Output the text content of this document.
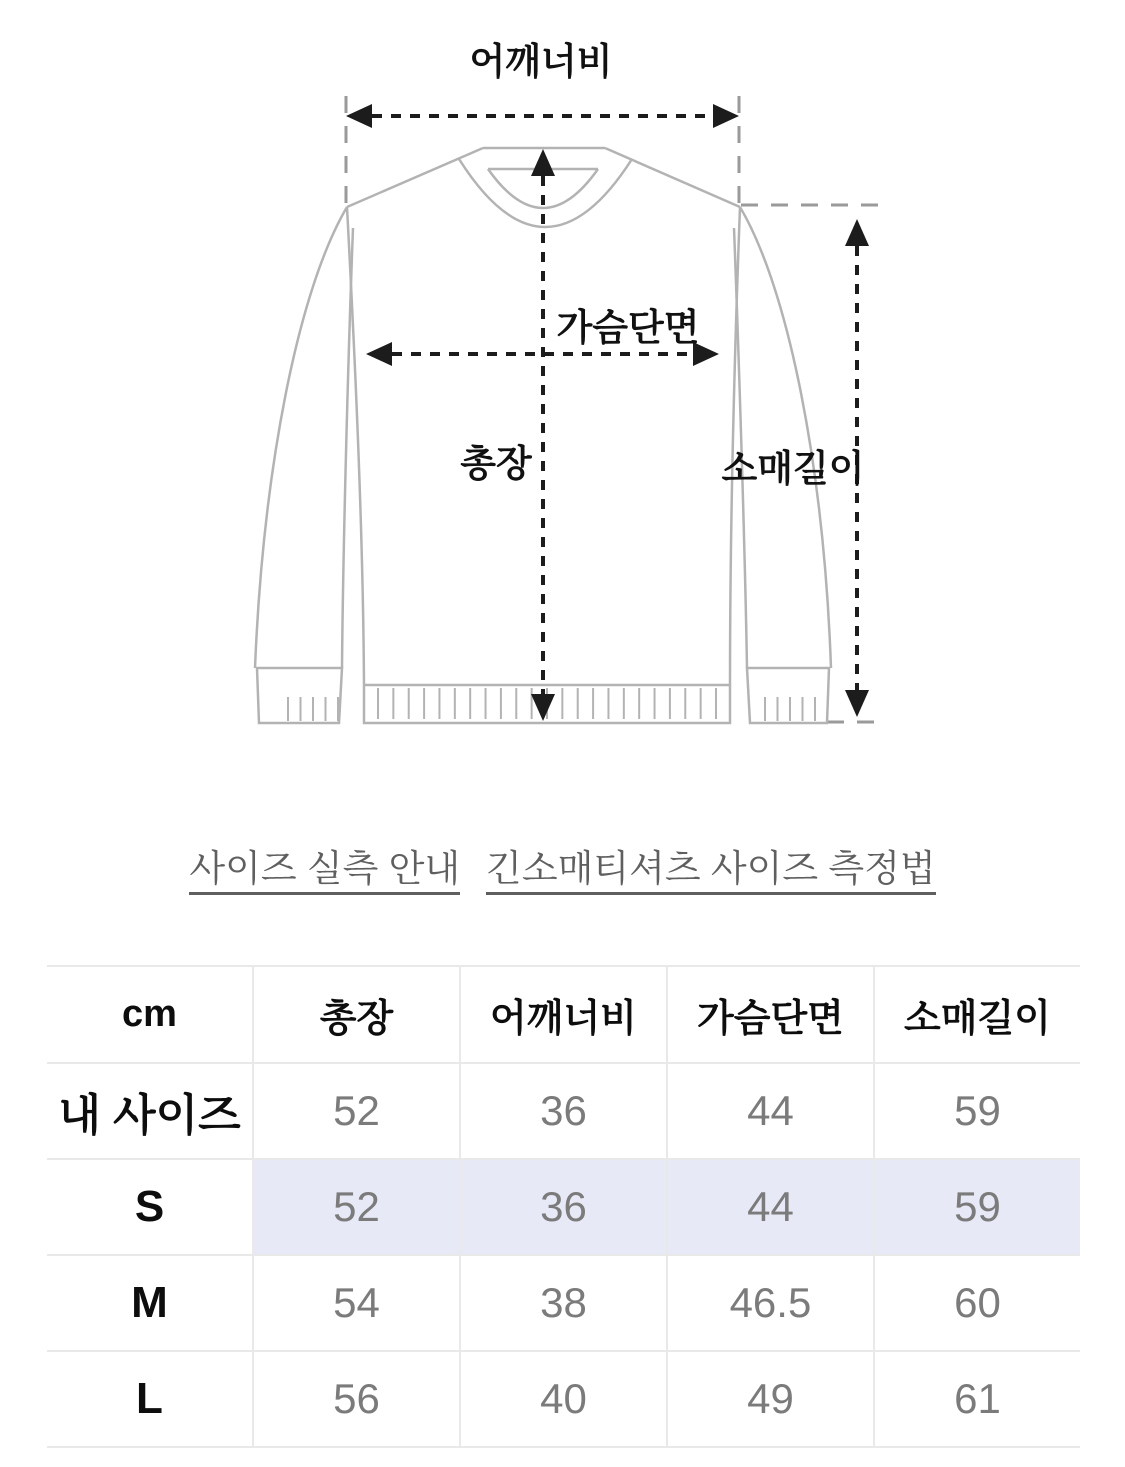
어깨너비
가슴단면
총장	소매길이
사이즈 실측 안내 긴소매티셔츠 사이즈 측정법
cm	총장	어깨너비	가슴단면	소매길이
내 사이즈	52	36	44	59
S	52	36	44	59
M	54	38	46.5	60
L	56	40	49	61
